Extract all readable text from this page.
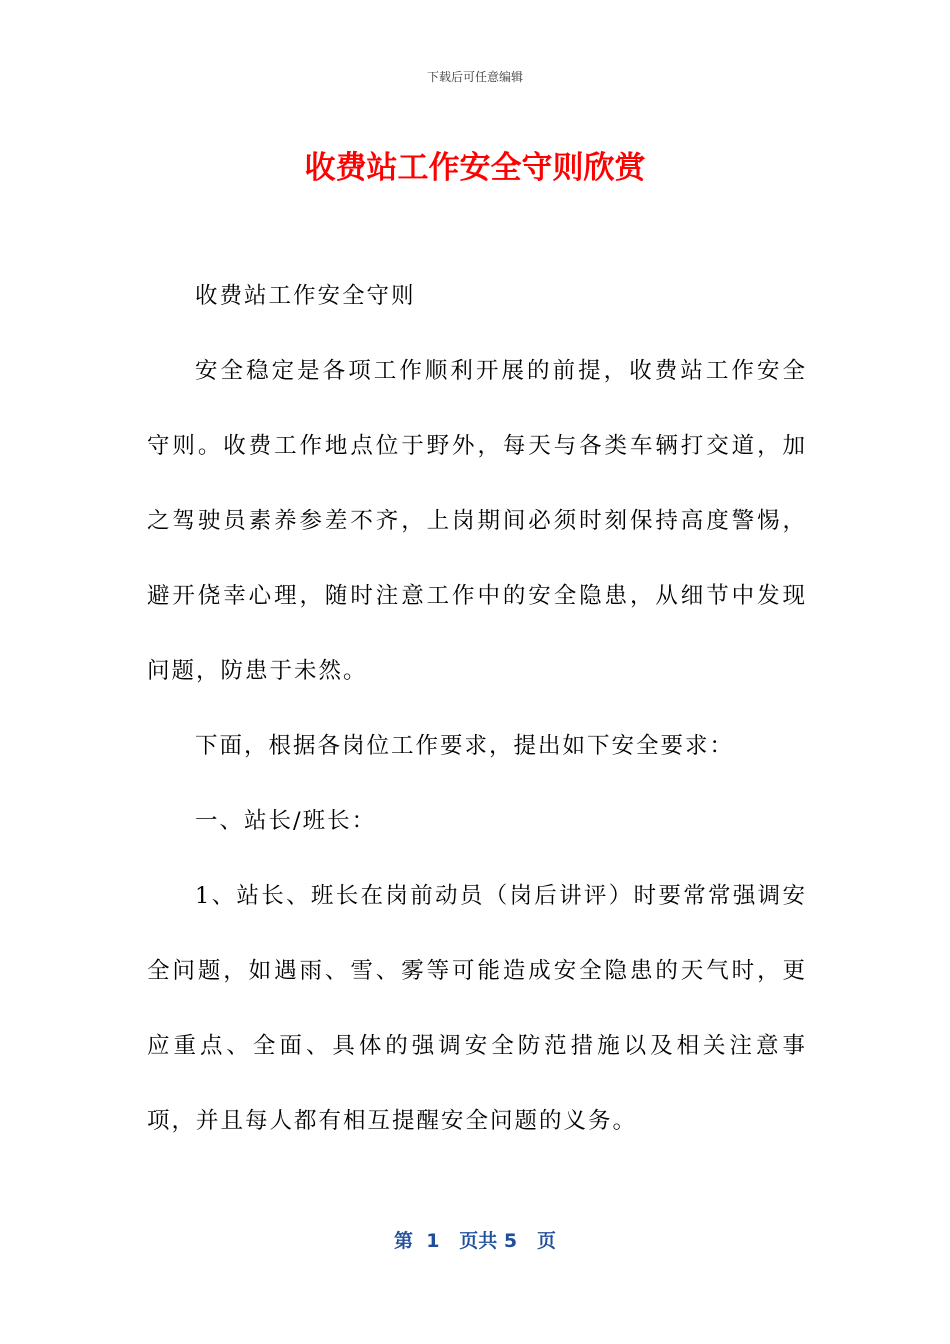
下载后可任意编辑
收费站工作安全守则欣赏

收费站工作安全守则

安全稳定是各项工作顺利开展的前提，收费站工作安全守则。收费工作地点位于野外，每天与各类车辆打交道，加之驾驶员素养参差不齐，上岗期间必须时刻保持高度警惕，避开侥幸心理，随时注意工作中的安全隐患，从细节中发现问题，防患于未然。

下面，根据各岗位工作要求，提出如下安全要求：

一、站长/班长：

1、站长、班长在岗前动员（岗后讲评）时要常常强调安全问题，如遇雨、雪、雾等可能造成安全隐患的天气时，更应重点、全面、具体的强调安全防范措施以及相关注意事项，并且每人都有相互提醒安全问题的义务。

第  1   页共 5   页
